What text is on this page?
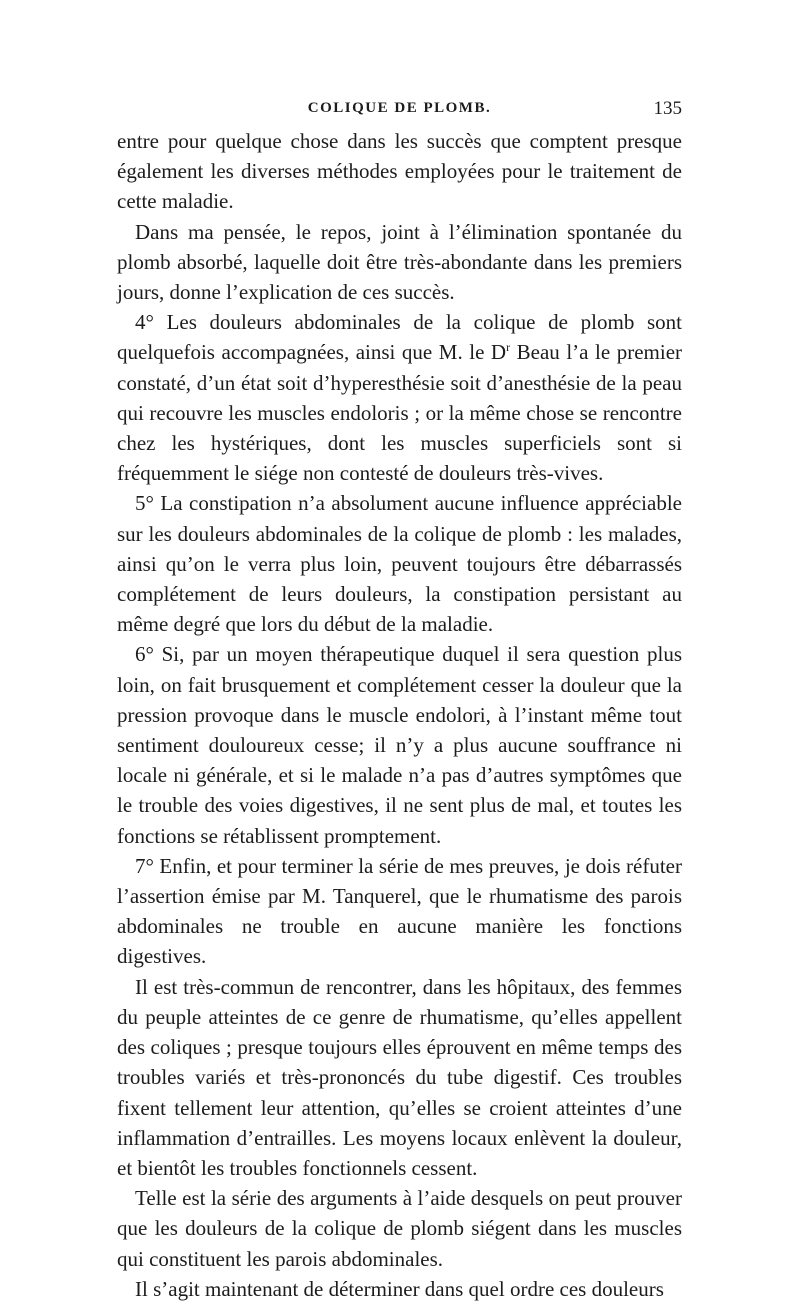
COLIQUE DE PLOMB.	135

entre pour quelque chose dans les succès que comptent presque également les diverses méthodes employées pour le traitement de cette maladie.

Dans ma pensée, le repos, joint à l’élimination spontanée du plomb absorbé, laquelle doit être très-abondante dans les premiers jours, donne l’explication de ces succès.

4° Les douleurs abdominales de la colique de plomb sont quelquefois accompagnées, ainsi que M. le $D^r$ Beau l’a le premier constaté, d’un état soit d’hyperesthésie soit d’anesthésie de la peau qui recouvre les muscles endoloris ; or la même chose se rencontre chez les hystériques, dont les muscles superficiels sont si fréquemment le siége non contesté de douleurs très-vives.

5° La constipation n’a absolument aucune influence appréciable sur les douleurs abdominales de la colique de plomb : les malades, ainsi qu’on le verra plus loin, peuvent toujours être débarrassés complétement de leurs douleurs, la constipation persistant au même degré que lors du début de la maladie.

6° Si, par un moyen thérapeutique duquel il sera question plus loin, on fait brusquement et complétement cesser la douleur que la pression provoque dans le muscle endolori, à l’instant même tout sentiment douloureux cesse; il n’y a plus aucune souffrance ni locale ni générale, et si le malade n’a pas d’autres symptômes que le trouble des voies digestives, il ne sent plus de mal, et toutes les fonctions se rétablissent promptement.

7° Enfin, et pour terminer la série de mes preuves, je dois réfuter l’assertion émise par M. Tanquerel, que le rhumatisme des parois abdominales ne trouble en aucune manière les fonctions digestives.

Il est très-commun de rencontrer, dans les hôpitaux, des femmes du peuple atteintes de ce genre de rhumatisme, qu’elles appellent des coliques ; presque toujours elles éprouvent en même temps des troubles variés et très-prononcés du tube digestif. Ces troubles fixent tellement leur attention, qu’elles se croient atteintes d’une inflammation d’entrailles. Les moyens locaux enlèvent la douleur, et bientôt les troubles fonctionnels cessent.

Telle est la série des arguments à l’aide desquels on peut prouver que les douleurs de la colique de plomb siégent dans les muscles qui constituent les parois abdominales.

Il s’agit maintenant de déterminer dans quel ordre ces douleurs
